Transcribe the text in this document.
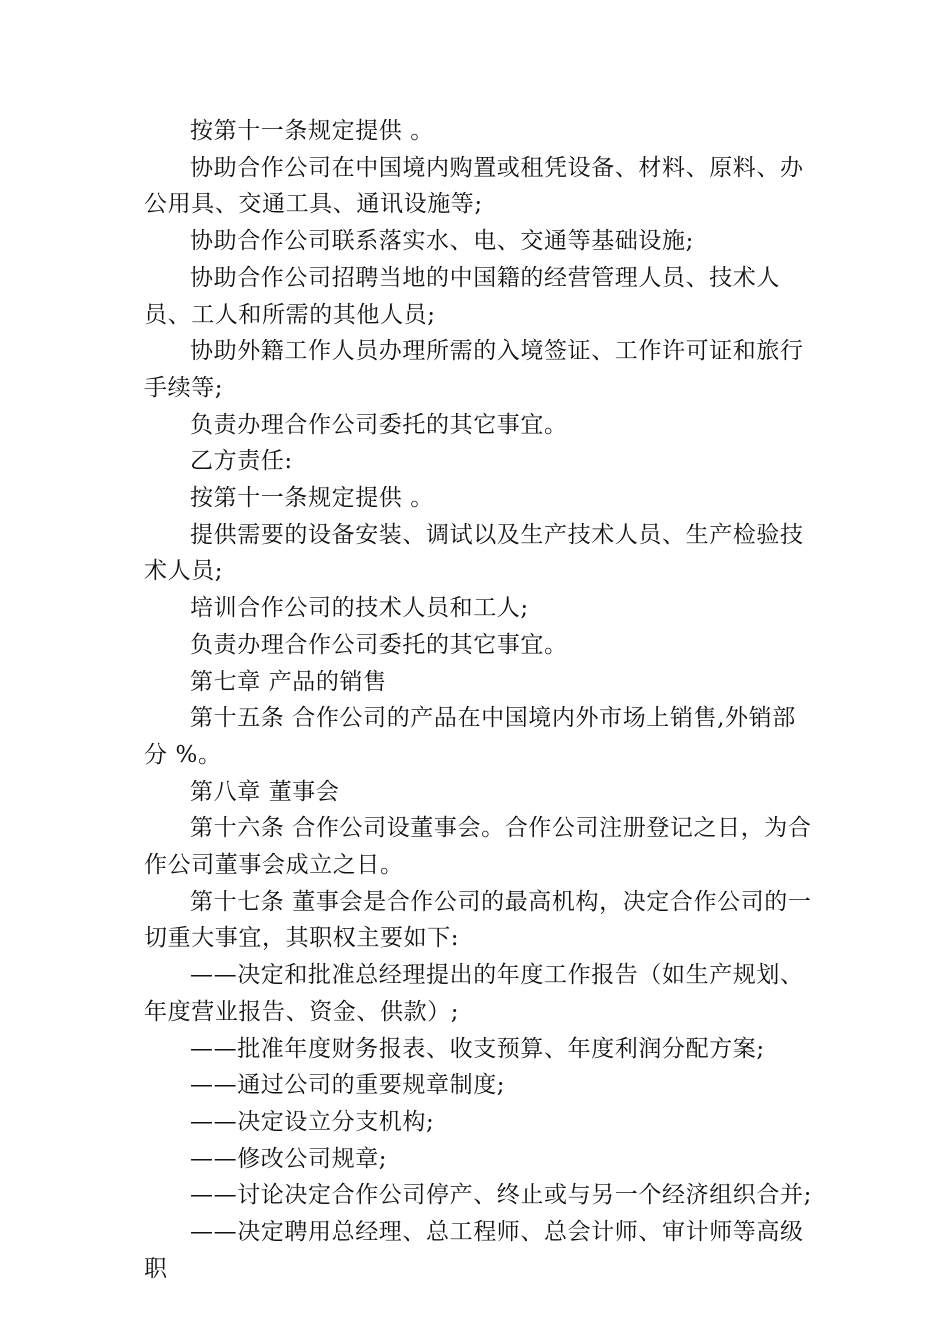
按第十一条规定提供 。

协助合作公司在中国境内购置或租凭设备、材料、原料、办公用具、交通工具、通讯设施等;

协助合作公司联系落实水、电、交通等基础设施;

协助合作公司招聘当地的中国籍的经营管理人员、技术人员、工人和所需的其他人员;

协助外籍工作人员办理所需的入境签证、工作许可证和旅行手续等;

负责办理合作公司委托的其它事宜。

乙方责任:

按第十一条规定提供 。

提供需要的设备安装、调试以及生产技术人员、生产检验技术人员;

培训合作公司的技术人员和工人;

负责办理合作公司委托的其它事宜。

第七章 产品的销售

第十五条 合作公司的产品在中国境内外市场上销售,外销部分 %。

第八章 董事会

第十六条 合作公司设董事会。合作公司注册登记之日，为合作公司董事会成立之日。

第十七条 董事会是合作公司的最高机构，决定合作公司的一切重大事宜，其职权主要如下:

——决定和批准总经理提出的年度工作报告（如生产规划、年度营业报告、资金、供款）;

——批准年度财务报表、收支预算、年度利润分配方案;

——通过公司的重要规章制度;

——决定设立分支机构;

——修改公司规章;

——讨论决定合作公司停产、终止或与另一个经济组织合并;

——决定聘用总经理、总工程师、总会计师、审计师等高级职
